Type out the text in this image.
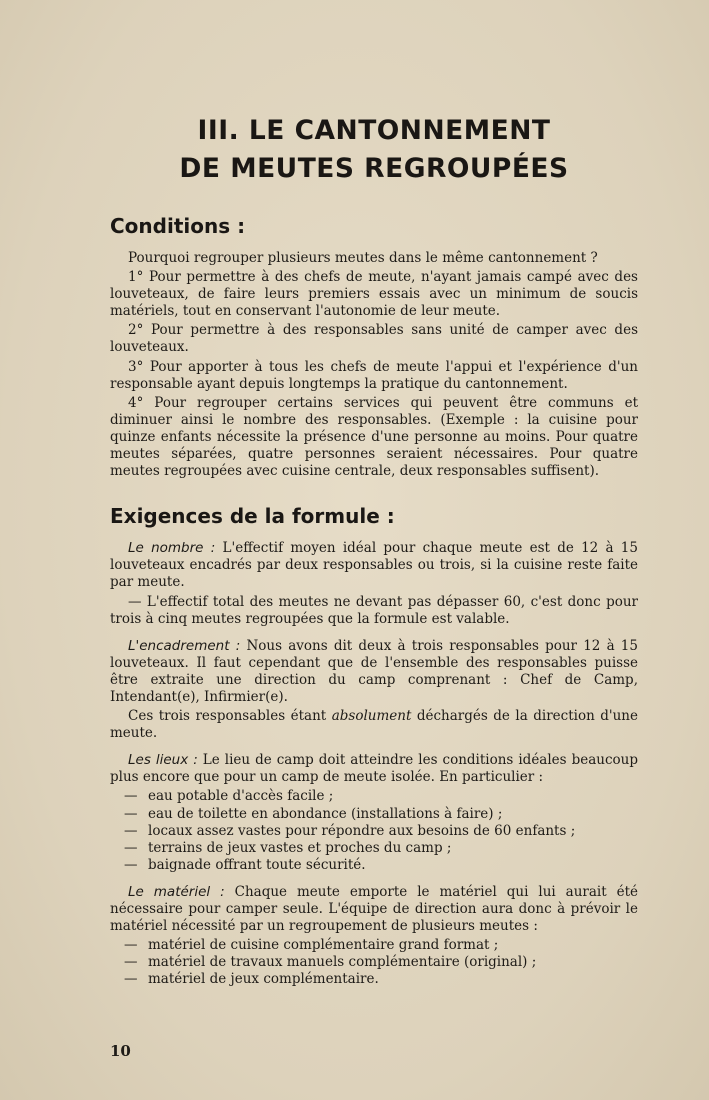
III. LE CANTONNEMENT
DE MEUTES REGROUPÉES
Conditions :

Pourquoi regrouper plusieurs meutes dans le même cantonnement ?

1° Pour permettre à des chefs de meute, n'ayant jamais campé avec des louveteaux, de faire leurs premiers essais avec un minimum de soucis matériels, tout en conservant l'autonomie de leur meute.

2° Pour permettre à des responsables sans unité de camper avec des louveteaux.

3° Pour apporter à tous les chefs de meute l'appui et l'expérience d'un responsable ayant depuis longtemps la pratique du cantonnement.

4° Pour regrouper certains services qui peuvent être communs et diminuer ainsi le nombre des responsables. (Exemple : la cuisine pour quinze enfants nécessite la présence d'une personne au moins. Pour quatre meutes séparées, quatre personnes seraient nécessaires. Pour quatre meutes regroupées avec cuisine centrale, deux responsables suffisent).

Exigences de la formule :

Le nombre : L'effectif moyen idéal pour chaque meute est de 12 à 15 louveteaux encadrés par deux responsables ou trois, si la cuisine reste faite par meute.

— L'effectif total des meutes ne devant pas dépasser 60, c'est donc pour trois à cinq meutes regroupées que la formule est valable.

L'encadrement : Nous avons dit deux à trois responsables pour 12 à 15 louveteaux. Il faut cependant que de l'ensemble des responsables puisse être extraite une direction du camp comprenant : Chef de Camp, Intendant(e), Infirmier(e).

Ces trois responsables étant absolument déchargés de la direction d'une meute.

Les lieux : Le lieu de camp doit atteindre les conditions idéales beaucoup plus encore que pour un camp de meute isolée. En particulier :

— eau potable d'accès facile ;
— eau de toilette en abondance (installations à faire) ;
— locaux assez vastes pour répondre aux besoins de 60 enfants ;
— terrains de jeux vastes et proches du camp ;
— baignade offrant toute sécurité.

Le matériel : Chaque meute emporte le matériel qui lui aurait été nécessaire pour camper seule. L'équipe de direction aura donc à prévoir le matériel nécessité par un regroupement de plusieurs meutes :

— matériel de cuisine complémentaire grand format ;
— matériel de travaux manuels complémentaire (original) ;
— matériel de jeux complémentaire.
10
